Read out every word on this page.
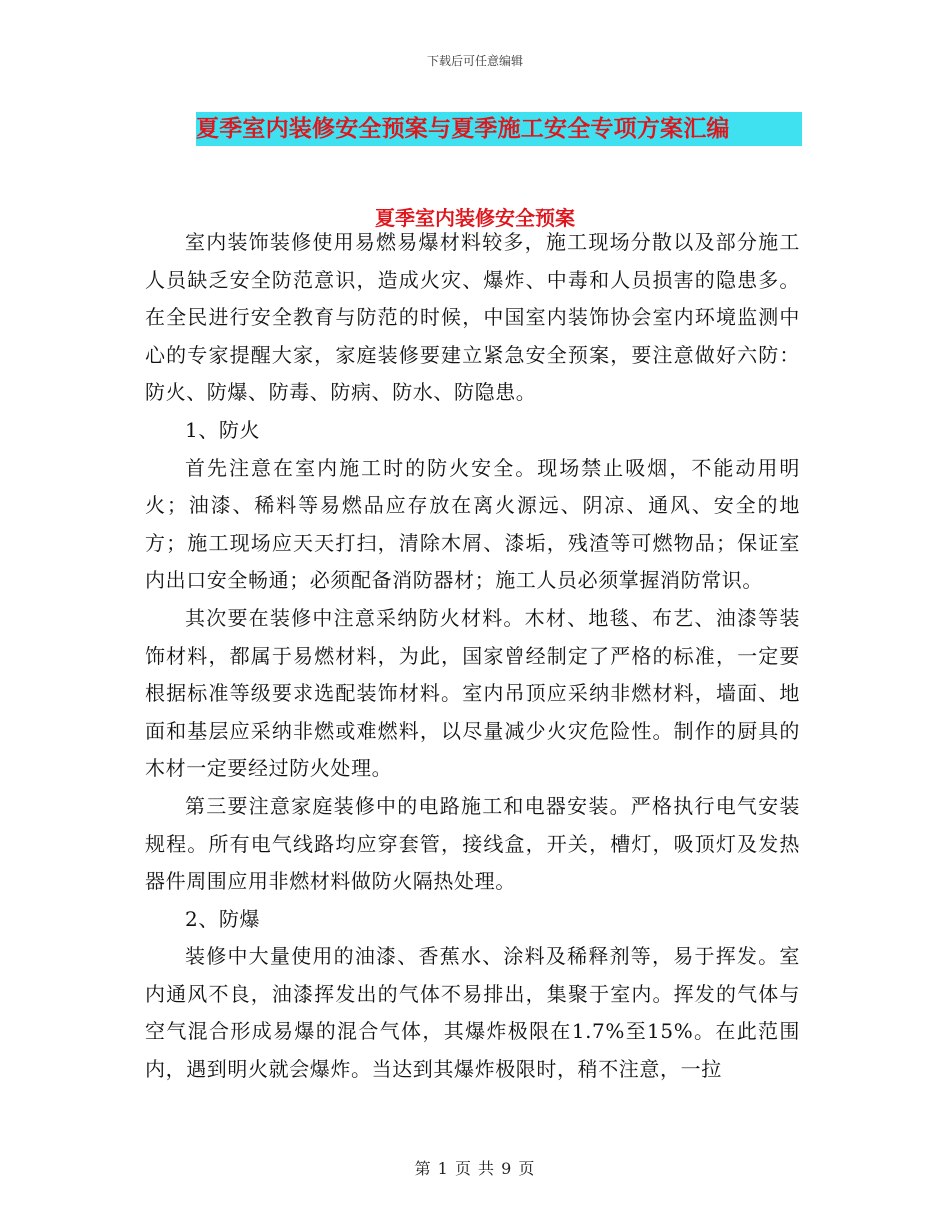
下载后可任意编辑
夏季室内装修安全预案与夏季施工安全专项方案汇编
夏季室内装修安全预案

室内装饰装修使用易燃易爆材料较多，施工现场分散以及部分施工人员缺乏安全防范意识，造成火灾、爆炸、中毒和人员损害的隐患多。在全民进行安全教育与防范的时候，中国室内装饰协会室内环境监测中心的专家提醒大家，家庭装修要建立紧急安全预案，要注意做好六防：防火、防爆、防毒、防病、防水、防隐患。

1、防火

首先注意在室内施工时的防火安全。现场禁止吸烟，不能动用明火；油漆、稀料等易燃品应存放在离火源远、阴凉、通风、安全的地方；施工现场应天天打扫，清除木屑、漆垢，残渣等可燃物品；保证室内出口安全畅通；必须配备消防器材；施工人员必须掌握消防常识。

其次要在装修中注意采纳防火材料。木材、地毯、布艺、油漆等装饰材料，都属于易燃材料，为此，国家曾经制定了严格的标准，一定要根据标准等级要求选配装饰材料。室内吊顶应采纳非燃材料，墙面、地面和基层应采纳非燃或难燃料，以尽量减少火灾危险性。制作的厨具的木材一定要经过防火处理。

第三要注意家庭装修中的电路施工和电器安装。严格执行电气安装规程。所有电气线路均应穿套管，接线盒，开关，槽灯，吸顶灯及发热器件周围应用非燃材料做防火隔热处理。

2、防爆

装修中大量使用的油漆、香蕉水、涂料及稀释剂等，易于挥发。室内通风不良，油漆挥发出的气体不易排出，集聚于室内。挥发的气体与空气混合形成易爆的混合气体，其爆炸极限在1.7%至15%。在此范围内，遇到明火就会爆炸。当达到其爆炸极限时，稍不注意，一拉

第 1 页 共 9 页
